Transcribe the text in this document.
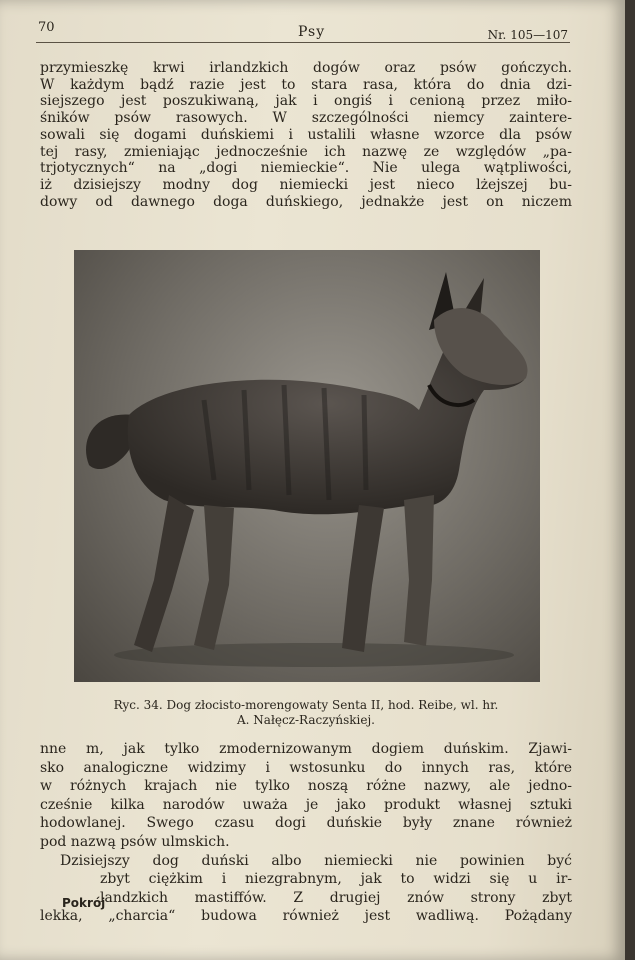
70	Psy	Nr. 105—107
przymieszkę krwi irlandzkich dogów oraz psów gończych.
W każdym bądź razie jest to stara rasa, która do dnia dzi-
siejszego jest poszukiwaną, jak i ongiś i cenioną przez miło-
śników psów rasowych. W szczególności niemcy zaintere-
sowali się dogami duńskiemi i ustalili własne wzorce dla psów
tej rasy, zmieniając jednocześnie ich nazwę ze względów „pa-
trjotycznych“ na „dogi niemieckie“. Nie ulega wątpliwości,
iż dzisiejszy modny dog niemiecki jest nieco lżejszej bu-
dowy od dawnego doga duńskiego, jednakże jest on niczem
Ryc. 34. Dog złocisto-morengowaty Senta II, hod. Reibe, wl. hr.
A. Nałęcz-Raczyńskiej.
nne m, jak tylko zmodernizowanym dogiem duńskim. Zjawi-
sko analogiczne widzimy i wstosunku do innych ras, które
w różnych krajach nie tylko noszą różne nazwy, ale jedno-
cześnie kilka narodów uważa je jako produkt własnej sztuki
hodowlanej. Swego czasu dogi duńskie były znane również
pod nazwą psów ulmskich.
Dzisiejszy dog duński albo niemiecki nie powinien być
zbyt ciężkim i niezgrabnym, jak to widzi się u ir-
landzkich mastiffów. Z drugiej znów strony zbyt
lekka, „charcia“ budowa również jest wadliwą. Pożądany
Pokrój
